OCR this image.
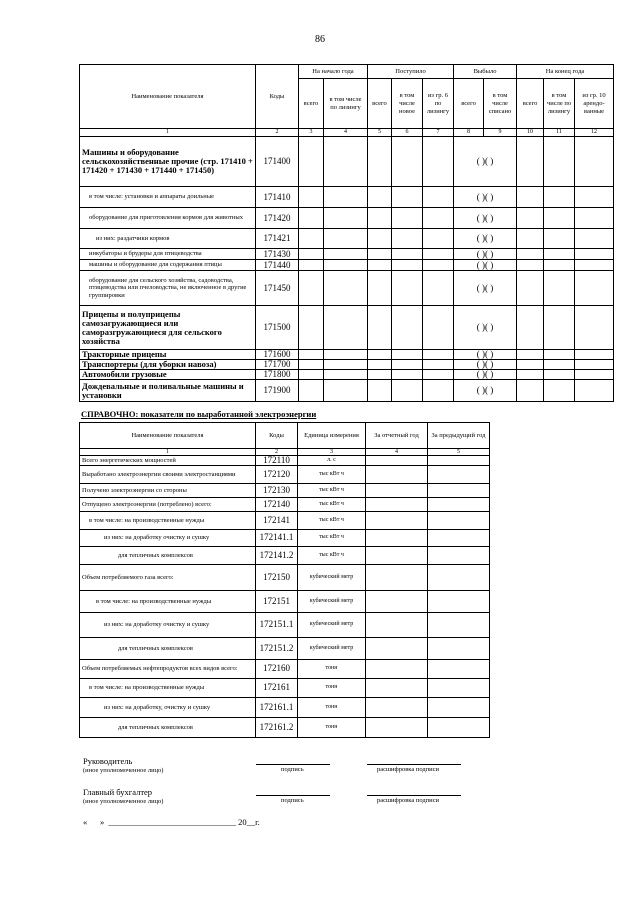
86
Наименование показателя	Коды	На начало года		Поступило			Выбыло		На конец года		
		всего	в том числе по лизингу	всего	в том числе новое	из гр. 6 по лизингу	всего	в том числе списано	всего	в том числе по лизингу	из гр. 10 арендо-ванные
1	2	3	4	5	6	7	8	9	10	11	12
Машины и оборудование сельскохозяйственные прочие (стр. 171410 + 171420 + 171430 + 171440 + 171450)	171400						( )( )				
в том числе: установки и аппараты доильные	171410						( )( )				
оборудование для приготовления кормов для животных	171420						( )( )				
из них: раздатчики кормов	171421						( )( )				
инкубаторы и брудеры для птицеводства	171430						( )( )				
машины и оборудование для содержания птицы	171440						( )( )				
оборудование для сельского хозяйства, садоводства, птицеводства или пчеловодства, не включенное в другие группировки	171450						( )( )				
Прицепы и полуприцепы самозагружающиеся или саморазгружающиеся для сельского хозяйства	171500						( )( )				
Тракторные прицепы	171600						( )( )				
Транспортеры (для уборки навоза)	171700						( )( )				
Автомобили грузовые	171800						( )( )				
Дождевальные и поливальные машины и установки	171900						( )( )				
СПРАВОЧНО: показатели по выработанной электроэнергии
Наименование показателя	Коды	Единица измерения	За отчетный год	За предыдущий год
1	2	3	4	5
Всего энергетических мощностей	172110	л. с		
Выработано электроэнергии своими электростанциями	172120	тыс кВт ч		
Получено электроэнергии со стороны	172130	тыс кВт ч		
Отпущено электроэнергии (потреблено) всего:	172140	тыс кВт ч		
в том числе: на производственные нужды	172141	тыс кВт ч		
из них: на доработку очистку и сушку	172141.1	тыс кВт ч		
для тепличных комплексов	172141.2	тыс кВт ч		
Объем потребляемого газа всего:	172150	кубический метр		
в том числе: на производственные нужды	172151	кубический метр		
из них: на доработку очистку и сушку	172151.1	кубический метр		
для тепличных комплексов	172151.2	кубический метр		
Объем потребляемых нефтепродуктов всех видов всего:	172160	тонн		
в том числе: на производственные нужды	172161	тонн		
из них: на доработку, очистку и сушку	172161.1	тонн		
для тепличных комплексов	172161.2	тонн		
Руководитель
(иное уполномоченное лицо)	подпись	расшифровка подписи
Главный бухгалтер
(иное уполномоченное лицо)	подпись	расшифровка подписи
«      »  ______________________________ 20__г.
